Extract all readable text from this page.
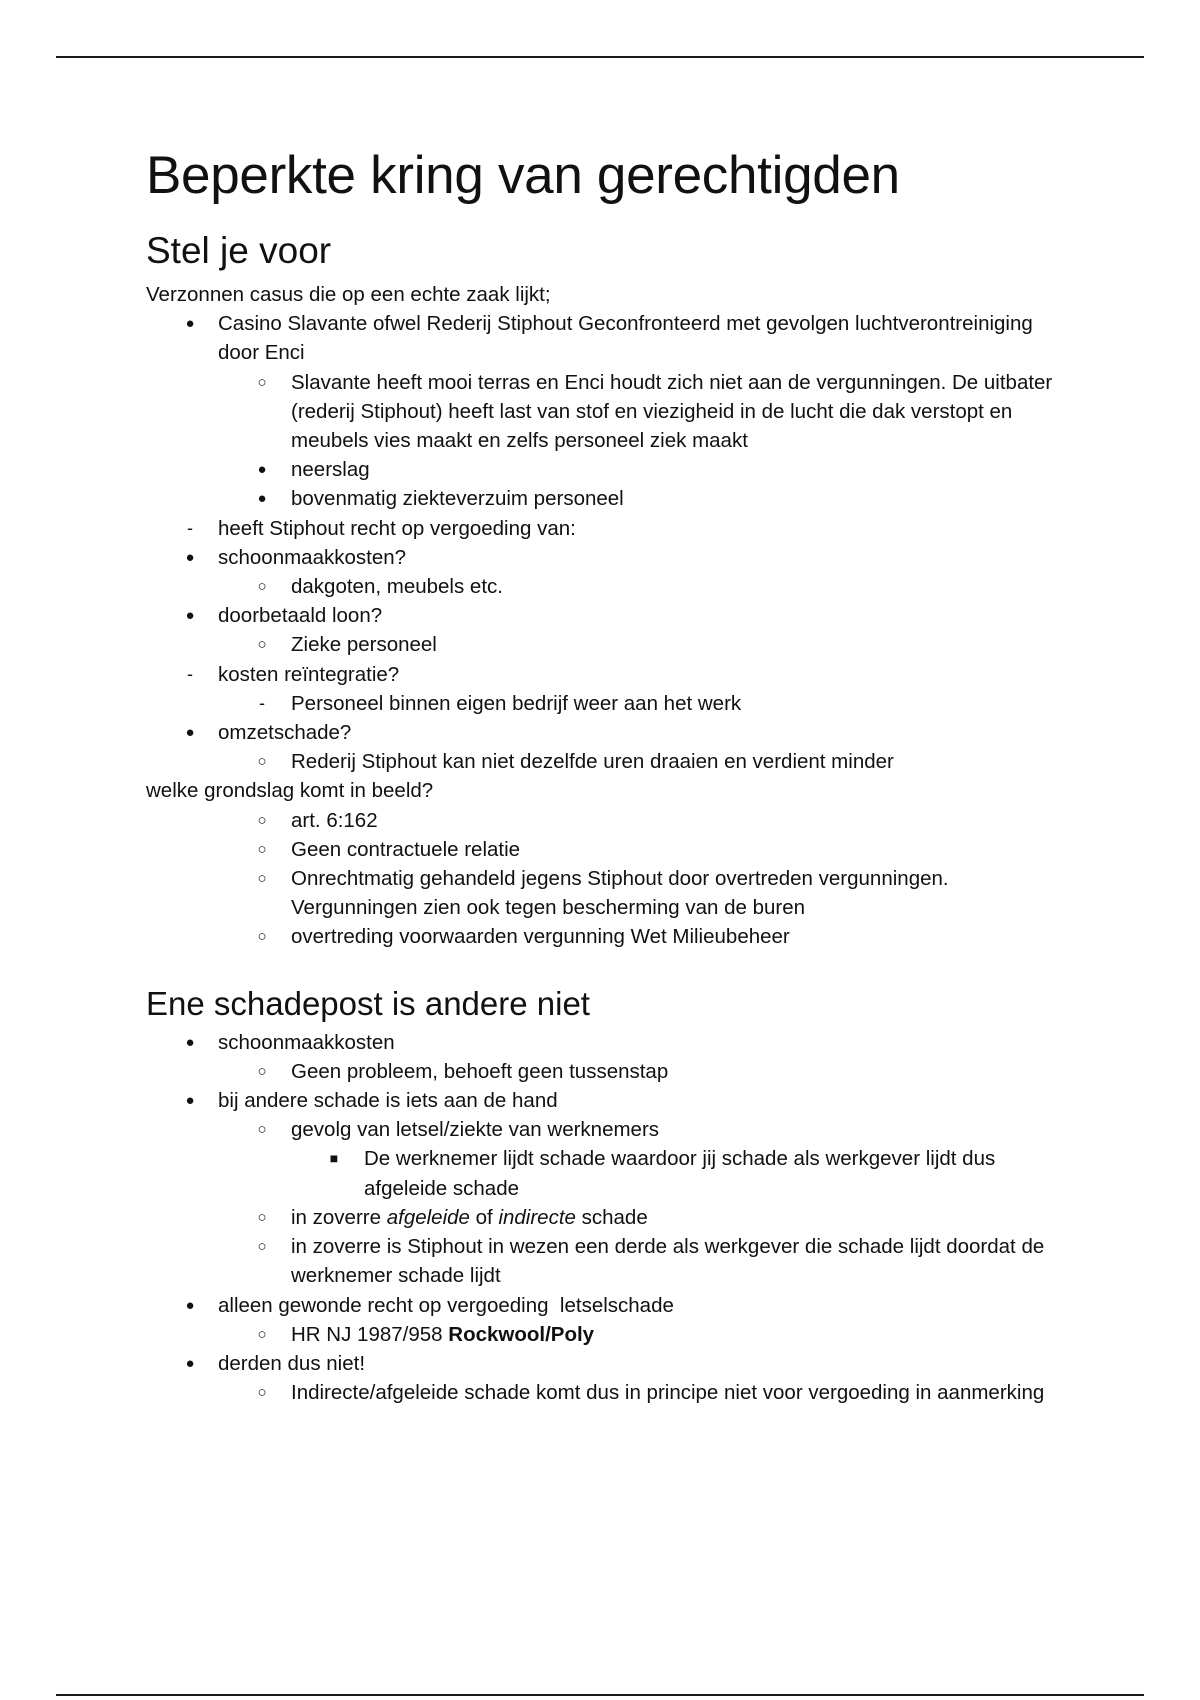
Beperkte kring van gerechtigden
Stel je voor
Verzonnen casus die op een echte zaak lijkt;
● Casino Slavante ofwel Rederij Stiphout Geconfronteerd met gevolgen luchtverontreiniging door Enci
○ Slavante heeft mooi terras en Enci houdt zich niet aan de vergunningen. De uitbater (rederij Stiphout) heeft last van stof en viezigheid in de lucht die dak verstopt en meubels vies maakt en zelfs personeel ziek maakt
● neerslag
● bovenmatig ziekteverzuim personeel
-	heeft Stiphout recht op vergoeding van:
● schoonmaakkosten?
○ dakgoten, meubels etc.
● doorbetaald loon?
○ Zieke personeel
-	kosten reïntegratie?
-	Personeel binnen eigen bedrijf weer aan het werk
● omzetschade?
○ Rederij Stiphout kan niet dezelfde uren draaien en verdient minder
welke grondslag komt in beeld?
○ art. 6:162
○ Geen contractuele relatie
○ Onrechtmatig gehandeld jegens Stiphout door overtreden vergunningen. Vergunningen zien ook tegen bescherming van de buren
○ overtreding voorwaarden vergunning Wet Milieubeheer
Ene schadepost is andere niet
● schoonmaakkosten
○ Geen probleem, behoeft geen tussenstap
● bij andere schade is iets aan de hand
○ gevolg van letsel/ziekte van werknemers
■ De werknemer lijdt schade waardoor jij schade als werkgever lijdt dus afgeleide schade
○ in zoverre afgeleide of indirecte schade
○ in zoverre is Stiphout in wezen een derde als werkgever die schade lijdt doordat de werknemer schade lijdt
● alleen gewonde recht op vergoeding  letselschade
○ HR NJ 1987/958 Rockwool/Poly
● derden dus niet!
○ Indirecte/afgeleide schade komt dus in principe niet voor vergoeding in aanmerking
